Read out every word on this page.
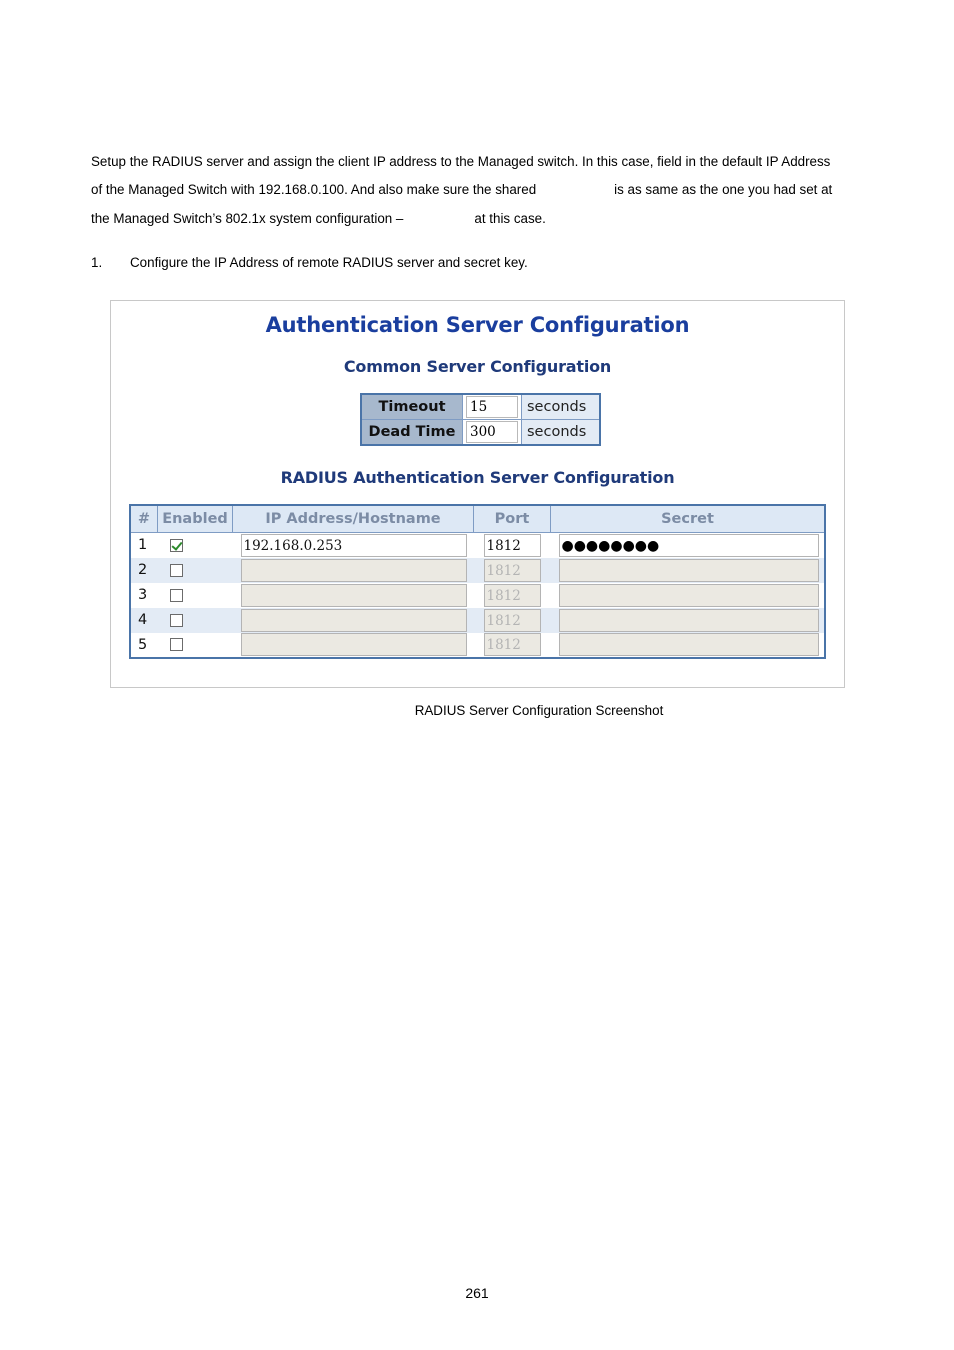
Setup the RADIUS server and assign the client IP address to the Managed switch. In this case, field in the default IP Address
of the Managed Switch with 192.168.0.100. And also make sure the shared	is as same as the one you had set at
the Managed Switch’s 802.1x system configuration –	at this case.
1. Configure the IP Address of remote RADIUS server and secret key.
Authentication Server Configuration
Common Server Configuration
Timeout	15	seconds
Dead Time	300	seconds
RADIUS Authentication Server Configuration
#	Enabled	IP Address/Hostname	Port	Secret
1		192.168.0.253	1812	●●●●●●●●

2			1812	

3			1812	

4			1812	

5			1812	

RADIUS Server Configuration Screenshot
261
